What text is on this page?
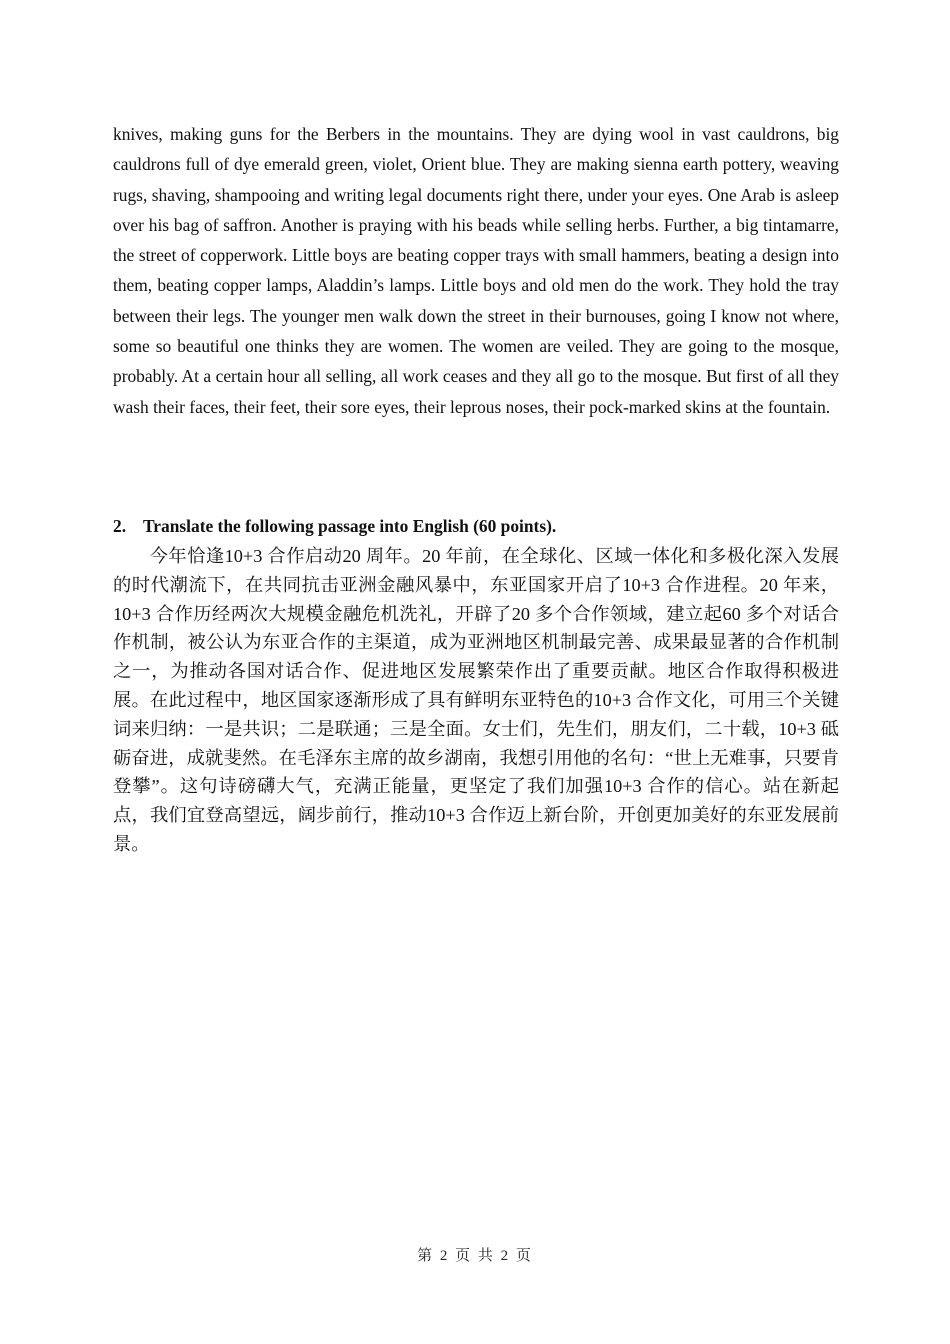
knives, making guns for the Berbers in the mountains. They are dying wool in vast cauldrons, big cauldrons full of dye emerald green, violet, Orient blue. They are making sienna earth pottery, weaving rugs, shaving, shampooing and writing legal documents right there, under your eyes. One Arab is asleep over his bag of saffron. Another is praying with his beads while selling herbs. Further, a big tintamarre, the street of copperwork. Little boys are beating copper trays with small hammers, beating a design into them, beating copper lamps, Aladdin’s lamps. Little boys and old men do the work. They hold the tray between their legs. The younger men walk down the street in their burnouses, going I know not where, some so beautiful one thinks they are women. The women are veiled. They are going to the mosque, probably. At a certain hour all selling, all work ceases and they all go to the mosque. But first of all they wash their faces, their feet, their sore eyes, their leprous noses, their pock-marked skins at the fountain.

2. Translate the following passage into English (60 points).

今年恰逢10+3 合作启动20 周年。20 年前，在全球化、区域一体化和多极化深入发展的时代潮流下，在共同抗击亚洲金融风暴中，东亚国家开启了10+3 合作进程。20 年来，10+3 合作历经两次大规模金融危机洗礼，开辟了20 多个合作领域，建立起60 多个对话合作机制，被公认为东亚合作的主渠道，成为亚洲地区机制最完善、成果最显著的合作机制之一，为推动各国对话合作、促进地区发展繁荣作出了重要贡献。地区合作取得积极进展。在此过程中，地区国家逐渐形成了具有鲜明东亚特色的10+3 合作文化，可用三个关键词来归纳：一是共识；二是联通；三是全面。女士们，先生们，朋友们，二十载，10+3 砥砺奋进，成就斐然。在毛泽东主席的故乡湖南，我想引用他的名句：“世上无难事，只要肯登攀”。这句诗磅礴大气，充满正能量，更坚定了我们加强10+3 合作的信心。站在新起点，我们宜登高望远，阔步前行，推动10+3 合作迈上新台阶，开创更加美好的东亚发展前景。

第 2 页 共 2 页
